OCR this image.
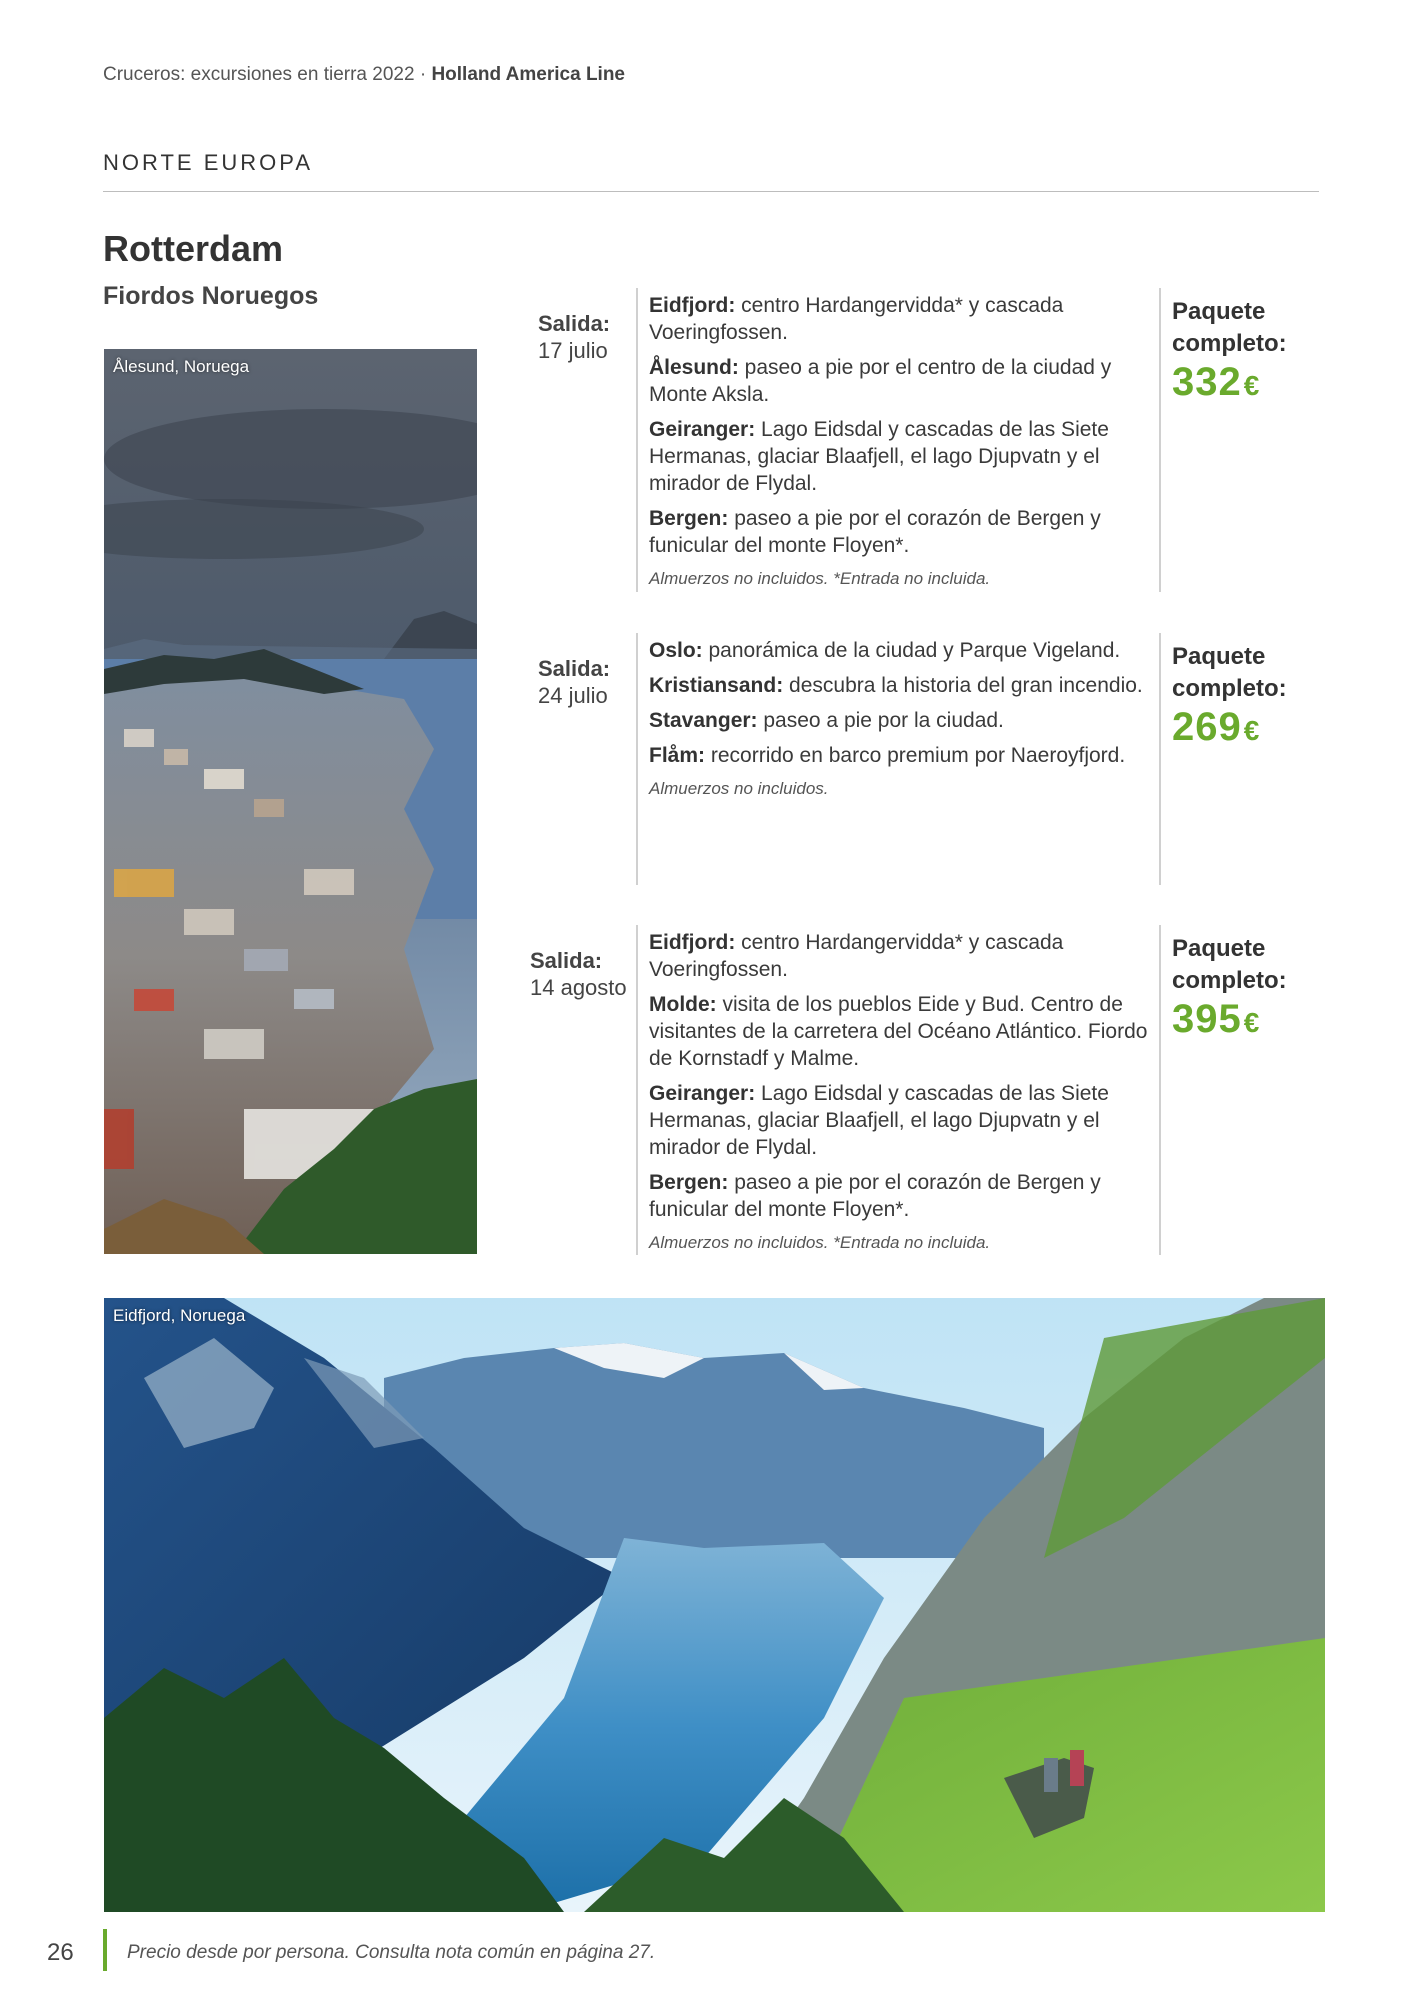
Cruceros: excursiones en tierra 2022 · Holland America Line
NORTE EUROPA
Rotterdam
Fiordos Noruegos
Ålesund, Noruega
Salida:
17 julio
Eidfjord: centro Hardangervidda* y cascada Voeringfossen.
Ålesund: paseo a pie por el centro de la ciudad y Monte Aksla.
Geiranger: Lago Eidsdal y cascadas de las Siete Hermanas, glaciar Blaafjell, el lago Djupvatn y el mirador de Flydal.
Bergen: paseo a pie por el corazón de Bergen y funicular del monte Floyen*.
Almuerzos no incluidos. *Entrada no incluida.
Paquete
completo:
332€
Salida:
24 julio
Oslo: panorámica de la ciudad y Parque Vigeland.
Kristiansand: descubra la historia del gran incendio.
Stavanger: paseo a pie por la ciudad.
Flåm: recorrido en barco premium por Naeroyfjord.
Almuerzos no incluidos.
Paquete
completo:
269€
Salida:
14 agosto
Eidfjord: centro Hardangervidda* y cascada Voeringfossen.
Molde: visita de los pueblos Eide y Bud. Centro de visitantes de la carretera del Océano Atlántico. Fiordo de Kornstadf y Malme.
Geiranger: Lago Eidsdal y cascadas de las Siete Hermanas, glaciar Blaafjell, el lago Djupvatn y el mirador de Flydal.
Bergen: paseo a pie por el corazón de Bergen y funicular del monte Floyen*.
Almuerzos no incluidos. *Entrada no incluida.
Paquete
completo:
395€
Eidfjord, Noruega
26	Precio desde por persona. Consulta nota común en página 27.
